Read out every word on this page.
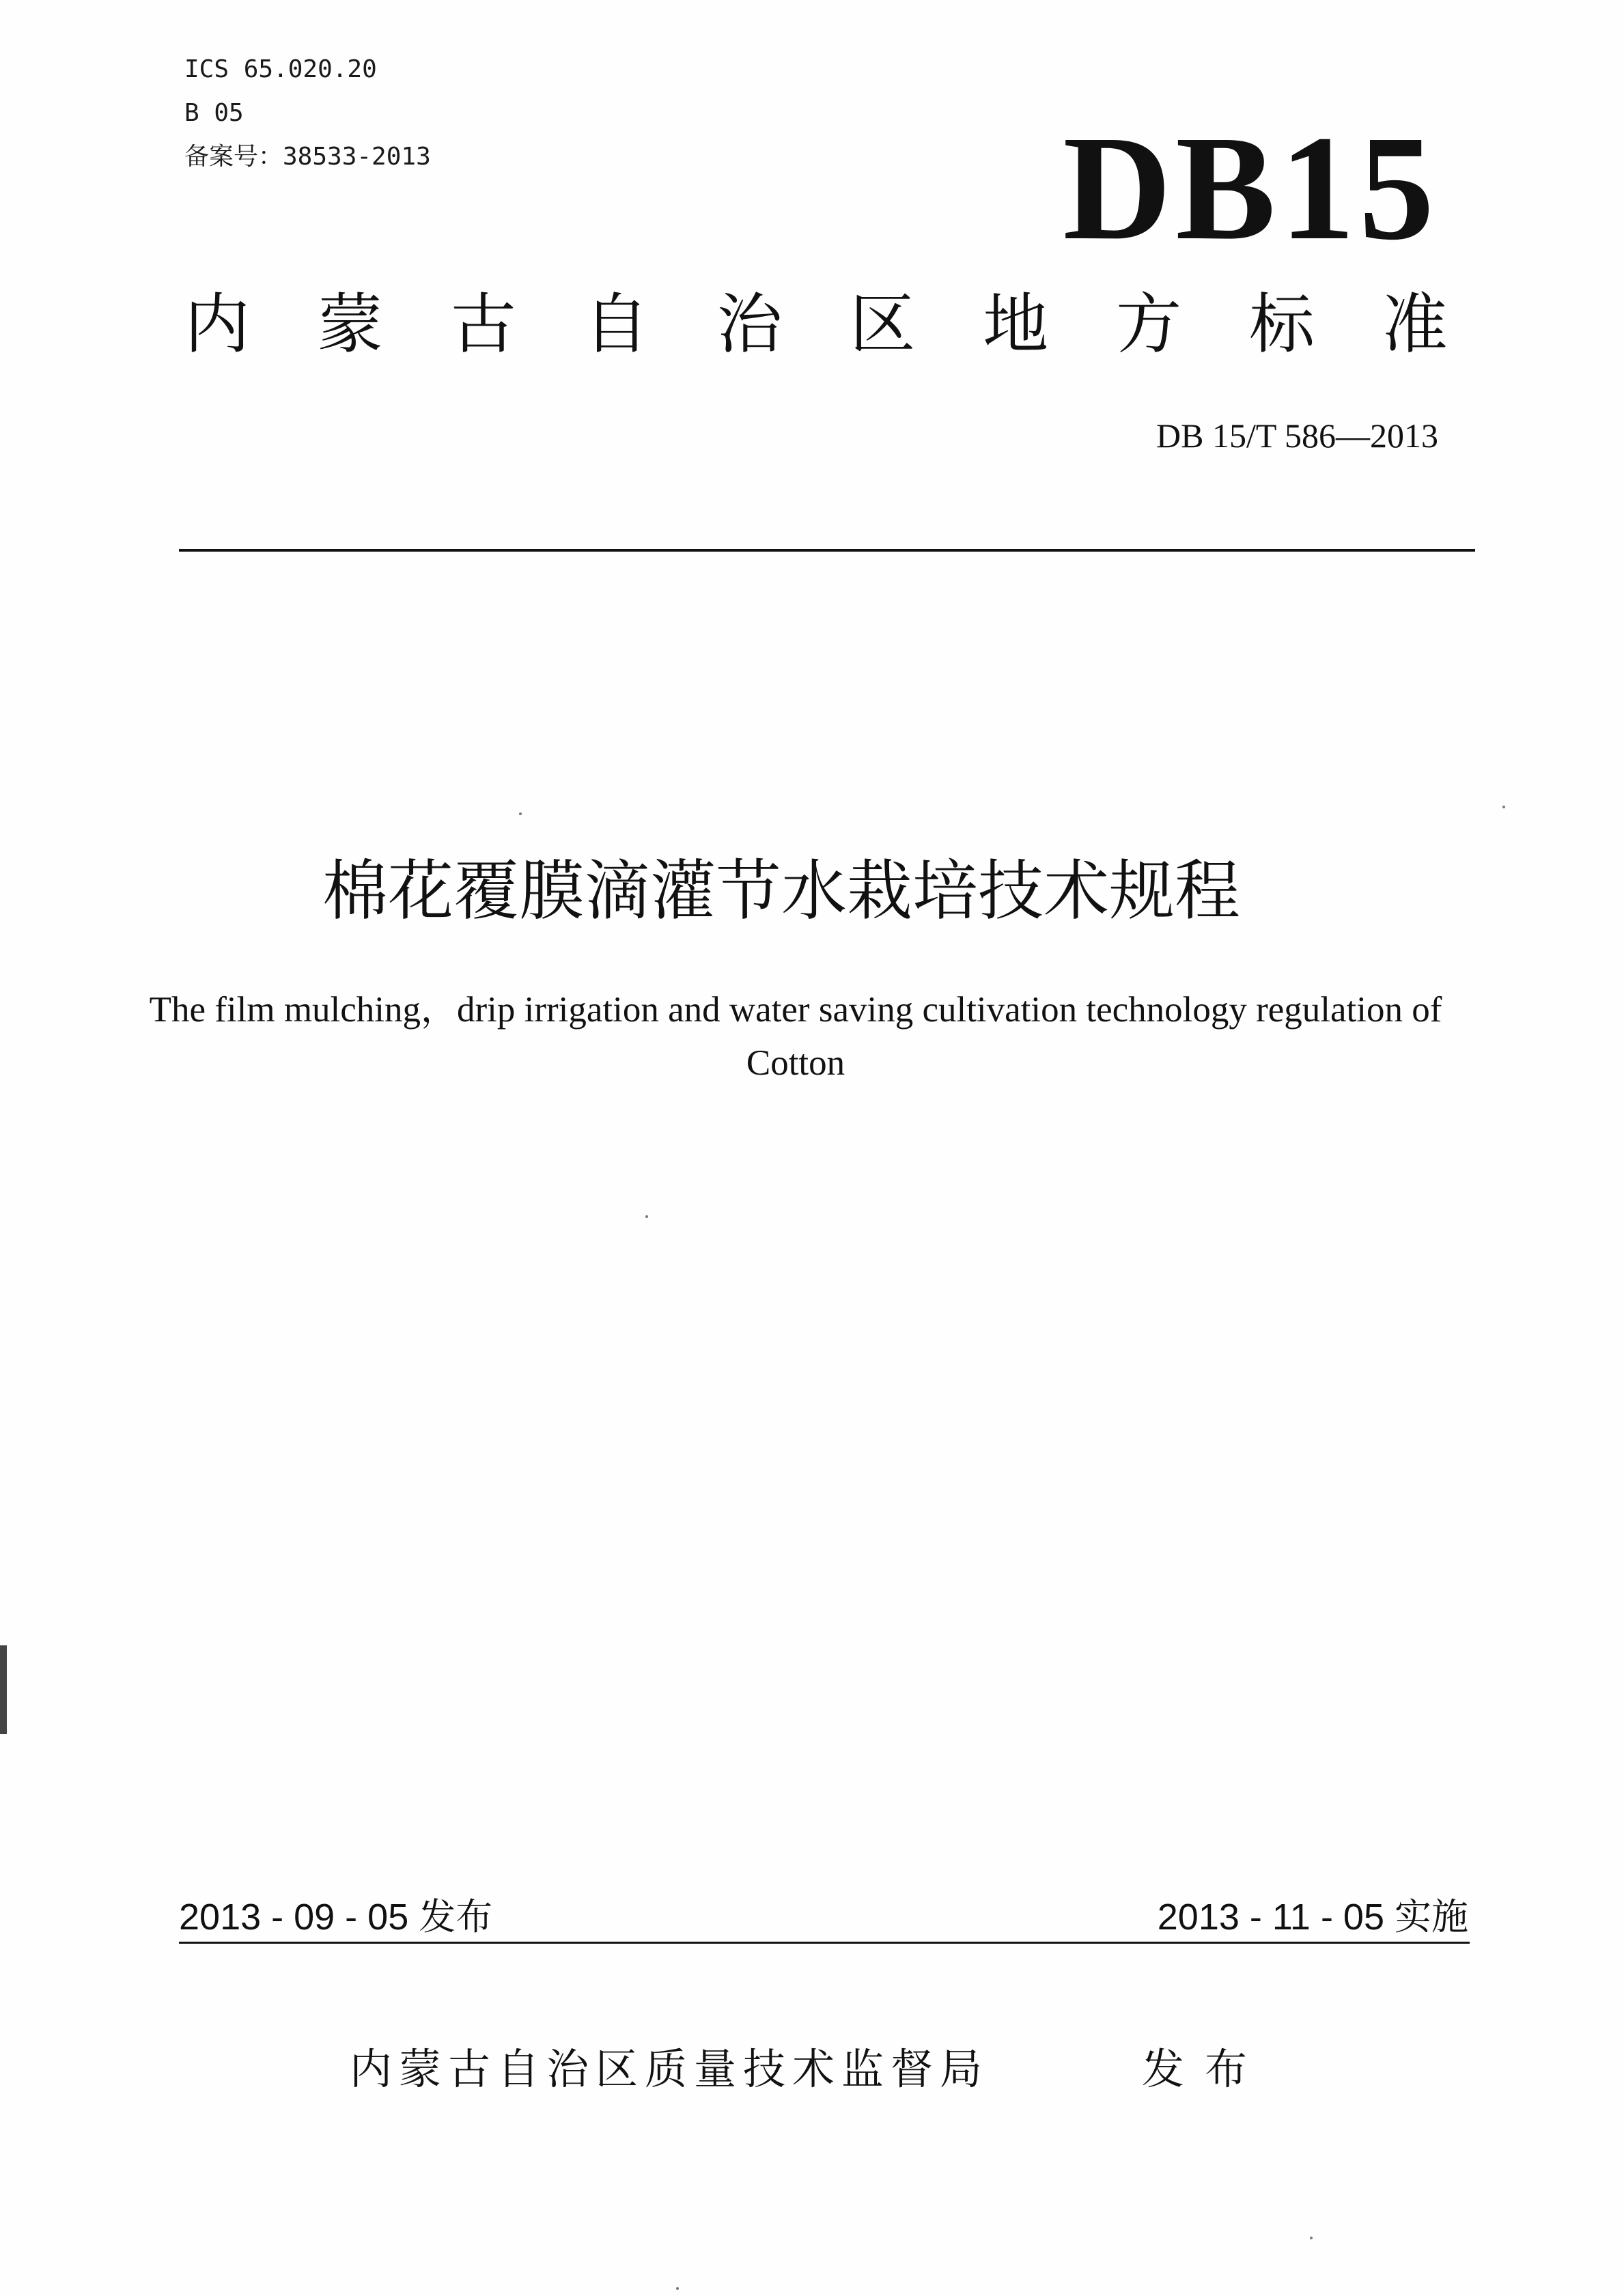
ICS 65.020.20
B 05
备案号：38533-2013	DB15
内 蒙 古 自 治 区 地 方 标 准
DB 15/T 586—2013
棉花覆膜滴灌节水栽培技术规程
The film mulching，drip irrigation and water saving cultivation technology regulation of Cotton
2013 - 09 - 05 发布	2013 - 11 - 05 实施
内蒙古自治区质量技术监督局	发布
